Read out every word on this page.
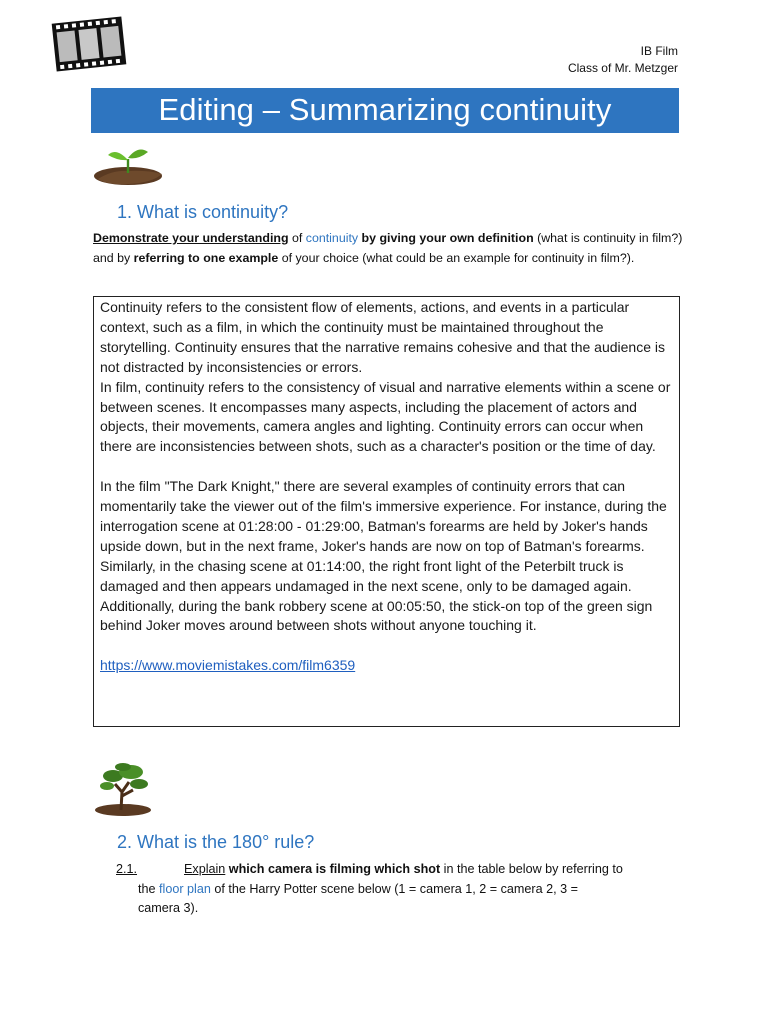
IB Film
Class of Mr. Metzger
Editing – Summarizing continuity
1. What is continuity?
Demonstrate your understanding of continuity by giving your own definition (what is continuity in film?) and by referring to one example of your choice (what could be an example for continuity in film?).

Continuity refers to the consistent flow of elements, actions, and events in a particular context, such as a film, in which the continuity must be maintained throughout the storytelling. Continuity ensures that the narrative remains cohesive and that the audience is not distracted by inconsistencies or errors.

In film, continuity refers to the consistency of visual and narrative elements within a scene or between scenes. It encompasses many aspects, including the placement of actors and objects, their movements, camera angles and lighting. Continuity errors can occur when there are inconsistencies between shots, such as a character's position or the time of day.

In the film "The Dark Knight," there are several examples of continuity errors that can momentarily take the viewer out of the film's immersive experience. For instance, during the interrogation scene at 01:28:00 - 01:29:00, Batman's forearms are held by Joker's hands upside down, but in the next frame, Joker's hands are now on top of Batman's forearms. Similarly, in the chasing scene at 01:14:00, the right front light of the Peterbilt truck is damaged and then appears undamaged in the next scene, only to be damaged again. Additionally, during the bank robbery scene at 00:05:50, the stick-on top of the green sign behind Joker moves around between shots without anyone touching it.

https://www.moviemistakes.com/film6359

2. What is the 180° rule?
2.1.	Explain which camera is filming which shot in the table below by referring to
the floor plan of the Harry Potter scene below (1 = camera 1, 2 = camera 2, 3 =
camera 3).
